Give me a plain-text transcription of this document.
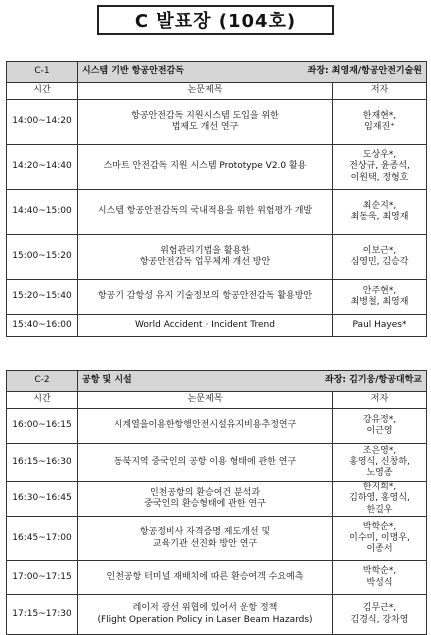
C 발표장 (104호)
C-1	시스템 기반 항공안전감독 좌장: 최영재/항공안전기술원	

시간	논문제목	저자
14:00~14:20	항공안전감독 지원시스템 도입을 위한
법제도 개선 연구	한재현*,
임재진⁺

14:20~14:40	스마트 안전감독 지원 시스템 Prototype V2.0 활용	도상우*,
전상규, 윤종석,
이원택, 정형호

14:40~15:00	시스템 항공안전감독의 국내적용을 위한 위험평가 개발	최순지*,
최동욱, 최영재

15:00~15:20	위험관리기법을 활용한
항공안전감독 업무체계 개선 방안	이보근*,
심영민, 김승각

15:20~15:40	항공기 감항성 유지 기술정보의 항공안전감독 활용방안	안주현*,
최병철, 최영재

15:40~16:00	World Accident · Incident Trend	Paul Hayes*
C-2	공항 및 시설 좌장: 김기웅/항공대학교	

시간	논문제목	저자
16:00~16:15	시계열을이용한항행안전시설유지비용추정연구	강유정*,
이근영

16:15~16:30	동북지역 중국인의 공항 이용 형태에 관한 연구	조은영*,
홍영식, 신창하,
노영종

16:30~16:45	인천공항의 환승여건 분석과
중국인의 환승형태에 관한 연구	한지희*,
김하영, 홍영식,
한길우

16:45~17:00	항공정비사 자격증명 제도개선 및
교육기관 선진화 방안 연구	박학순*,
이수미, 이명우,
이종서

17:00~17:15	인천공항 터미널 재배치에 따른 환승여객 수요예측	박학순*,
박성식

17:15~17:30	레이저 광선 위협에 있어서 운항 정책
(Flight Operation Policy in Laser Beam Hazards)	김무근*,
김경식, 강차영
